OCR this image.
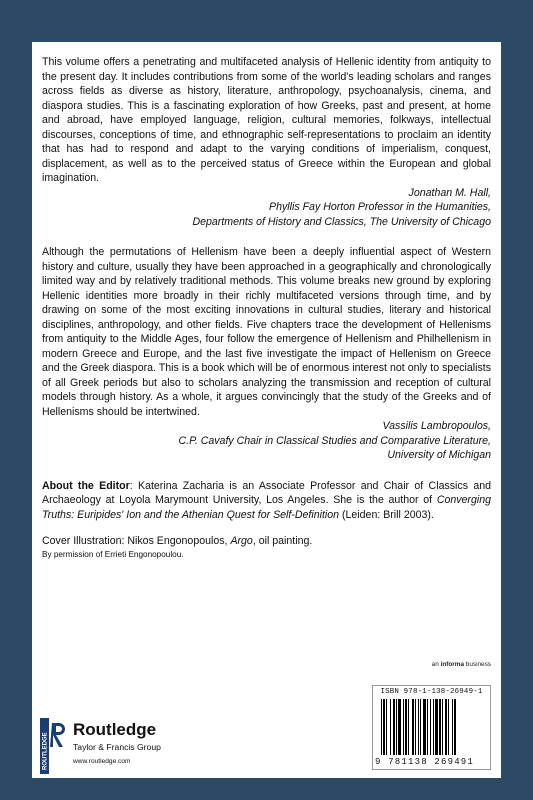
This volume offers a penetrating and multifaceted analysis of Hellenic identity from antiquity to the present day. It includes contributions from some of the world's leading scholars and ranges across fields as diverse as history, literature, anthropology, psychoanalysis, cinema, and diaspora studies. This is a fascinating exploration of how Greeks, past and present, at home and abroad, have employed language, religion, cultural memories, folkways, intellectual discourses, conceptions of time, and ethnographic self-representations to proclaim an identity that has had to respond and adapt to the varying conditions of imperialism, conquest, displacement, as well as to the perceived status of Greece within the European and global imagination.

Jonathan M. Hall,

Phyllis Fay Horton Professor in the Humanities,

Departments of History and Classics, The University of Chicago

Although the permutations of Hellenism have been a deeply influential aspect of Western history and culture, usually they have been approached in a geographically and chronologically limited way and by relatively traditional methods. This volume breaks new ground by exploring Hellenic identities more broadly in their richly multifaceted versions through time, and by drawing on some of the most exciting innovations in cultural studies, literary and historical disciplines, anthropology, and other fields. Five chapters trace the development of Hellenisms from antiquity to the Middle Ages, four follow the emergence of Hellenism and Philhellenism in modern Greece and Europe, and the last five investigate the impact of Hellenism on Greece and the Greek diaspora. This is a book which will be of enormous interest not only to specialists of all Greek periods but also to scholars analyzing the transmission and reception of cultural models through history. As a whole, it argues convincingly that the study of the Greeks and of Hellenisms should be intertwined.

Vassilis Lambropoulos,

C.P. Cavafy Chair in Classical Studies and Comparative Literature,

University of Michigan

About the Editor: Katerina Zacharia is an Associate Professor and Chair of Classics and Archaeology at Loyola Marymount University, Los Angeles. She is the author of Converging Truths: Euripides' Ion and the Athenian Quest for Self-Definition (Leiden: Brill 2003).

Cover Illustration: Nikos Engonopoulos, Argo, oil painting.

By permission of Errieti Engonopoulou.

an informa business
ROUTLEDGE
Routledge
Taylor & Francis Group
www.routledge.com
ISBN 978-1-138-26949-1
9 781138 269491
